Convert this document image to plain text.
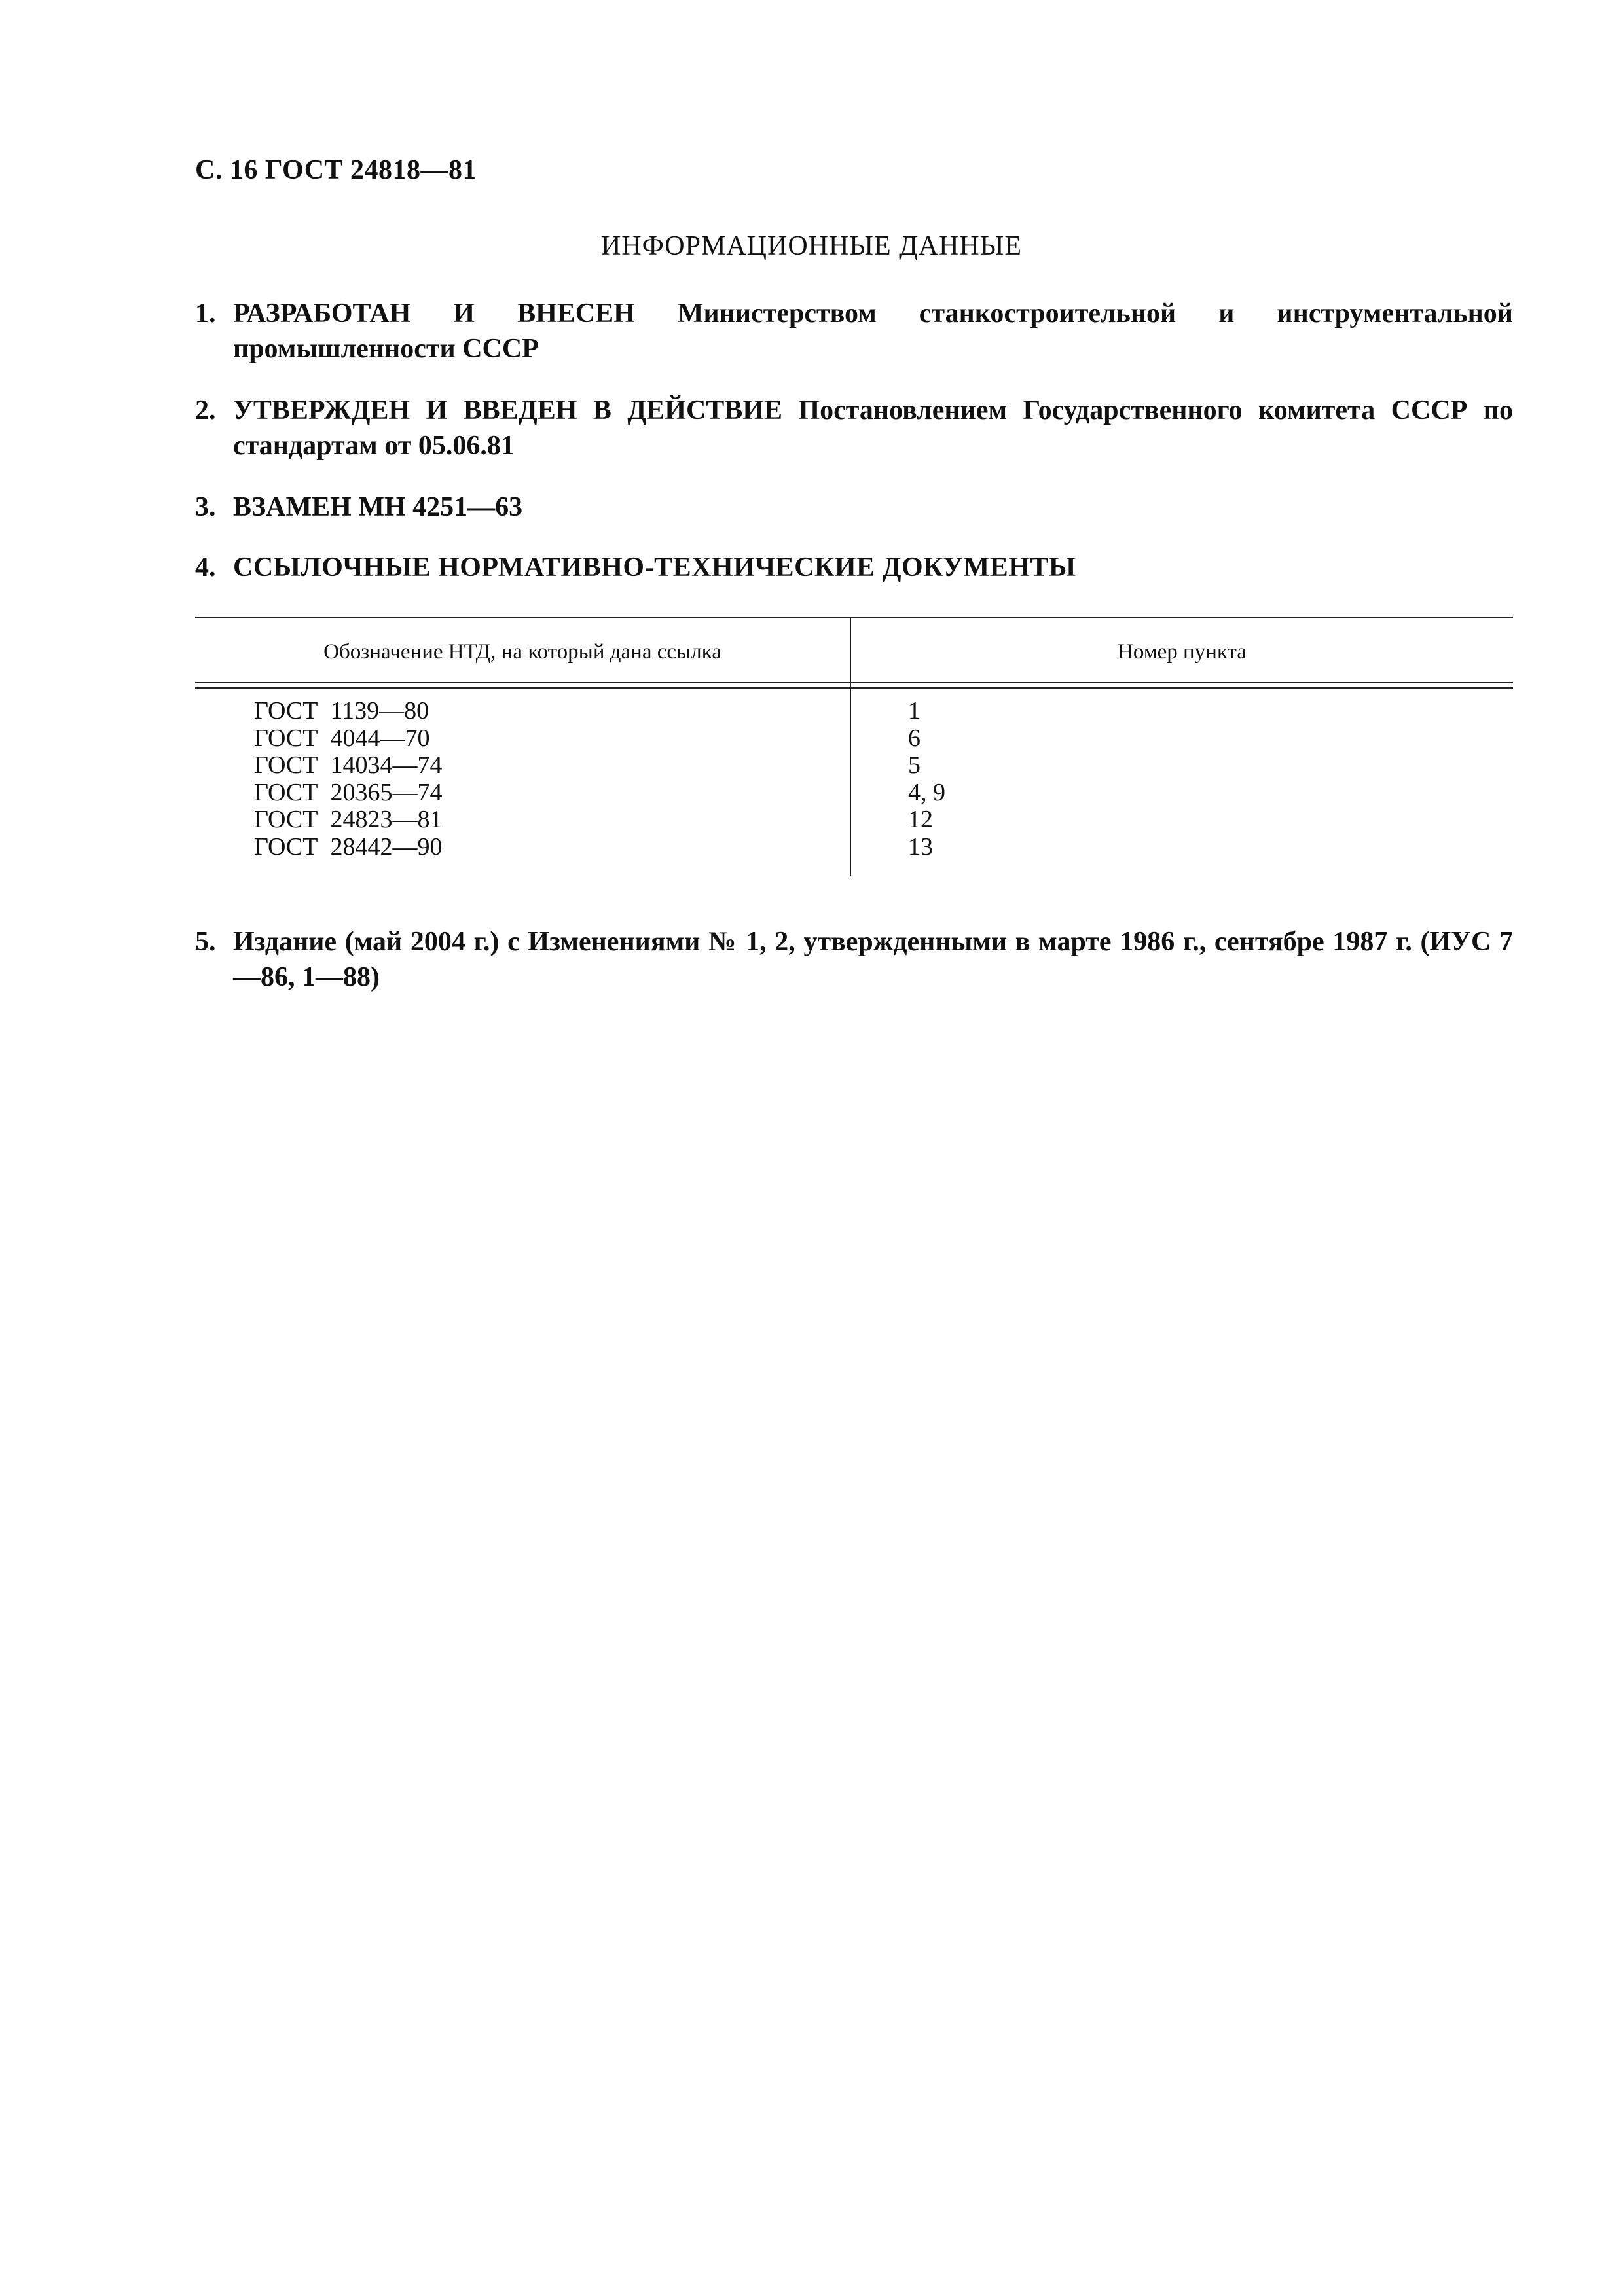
С. 16 ГОСТ 24818—81
ИНФОРМАЦИОННЫЕ ДАННЫЕ
1. РАЗРАБОТАН И ВНЕСЕН Министерством станкостроительной и инструментальной промышленности СССР
2. УТВЕРЖДЕН И ВВЕДЕН В ДЕЙСТВИЕ Постановлением Государственного комитета СССР по стандартам от 05.06.81
3. ВЗАМЕН МН 4251—63
4. ССЫЛОЧНЫЕ НОРМАТИВНО-ТЕХНИЧЕСКИЕ ДОКУМЕНТЫ
Обозначение НТД, на который дана ссылка	Номер пункта
ГОСТ  1139—80	1
ГОСТ  4044—70	6
ГОСТ  14034—74	5
ГОСТ  20365—74	4, 9
ГОСТ  24823—81	12
ГОСТ  28442—90	13
5. Издание (май 2004 г.) с Изменениями № 1, 2, утвержденными в марте 1986 г., сентябре 1987 г. (ИУС 7—86, 1—88)
